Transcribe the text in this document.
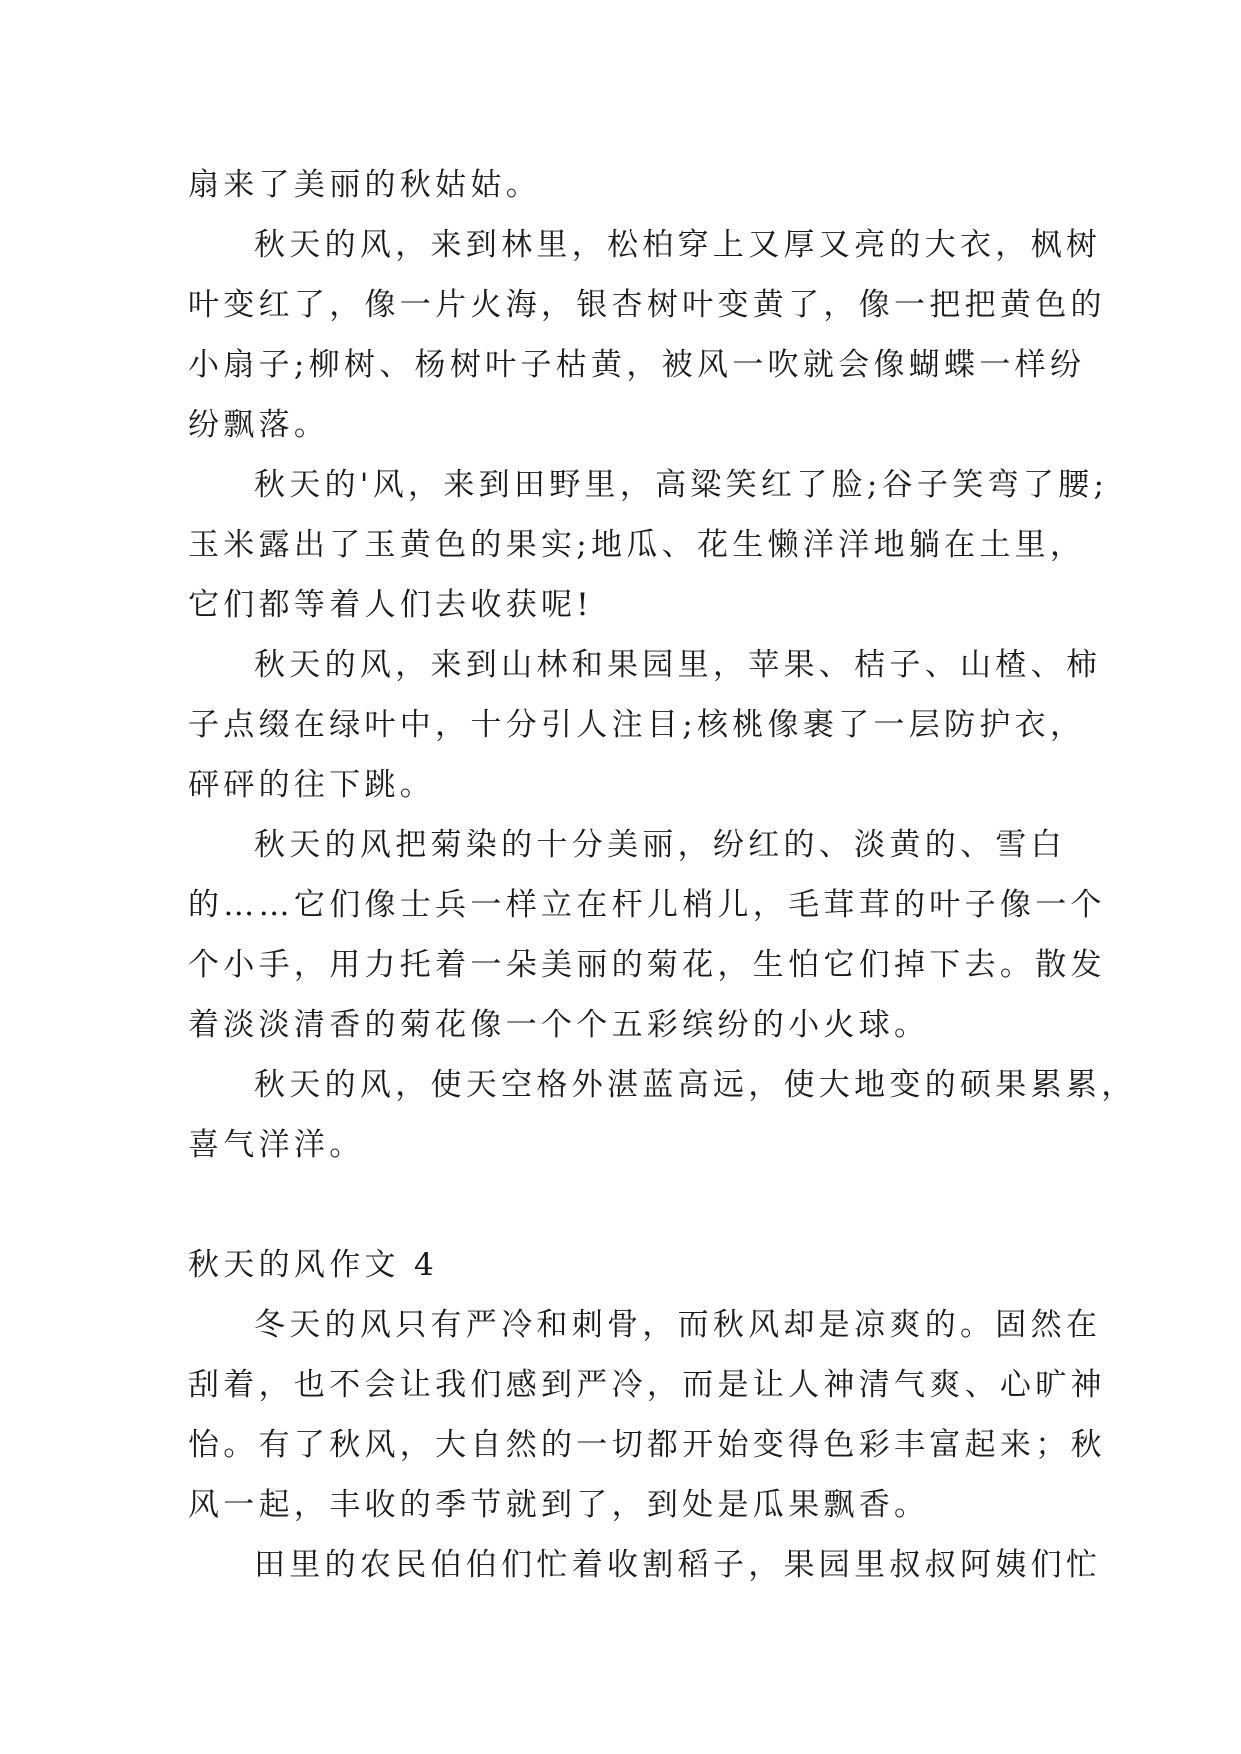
扇来了美丽的秋姑姑。

秋天的风，来到林里，松柏穿上又厚又亮的大衣，枫树

叶变红了，像一片火海，银杏树叶变黄了，像一把把黄色的

小扇子;柳树、杨树叶子枯黄，被风一吹就会像蝴蝶一样纷

纷飘落。

秋天的'风，来到田野里，高粱笑红了脸;谷子笑弯了腰;

玉米露出了玉黄色的果实;地瓜、花生懒洋洋地躺在土里，

它们都等着人们去收获呢!

秋天的风，来到山林和果园里，苹果、桔子、山楂、柿

子点缀在绿叶中，十分引人注目;核桃像裹了一层防护衣，

砰砰的往下跳。

秋天的风把菊染的十分美丽，纷红的、淡黄的、雪白

的……它们像士兵一样立在杆儿梢儿，毛茸茸的叶子像一个

个小手，用力托着一朵美丽的菊花，生怕它们掉下去。散发

着淡淡清香的菊花像一个个五彩缤纷的小火球。

秋天的风，使天空格外湛蓝高远，使大地变的硕果累累，

喜气洋洋。

秋天的风作文 4

冬天的风只有严冷和刺骨，而秋风却是凉爽的。固然在

刮着，也不会让我们感到严冷，而是让人神清气爽、心旷神

怡。有了秋风，大自然的一切都开始变得色彩丰富起来；秋

风一起，丰收的季节就到了，到处是瓜果飘香。

田里的农民伯伯们忙着收割稻子，果园里叔叔阿姨们忙
